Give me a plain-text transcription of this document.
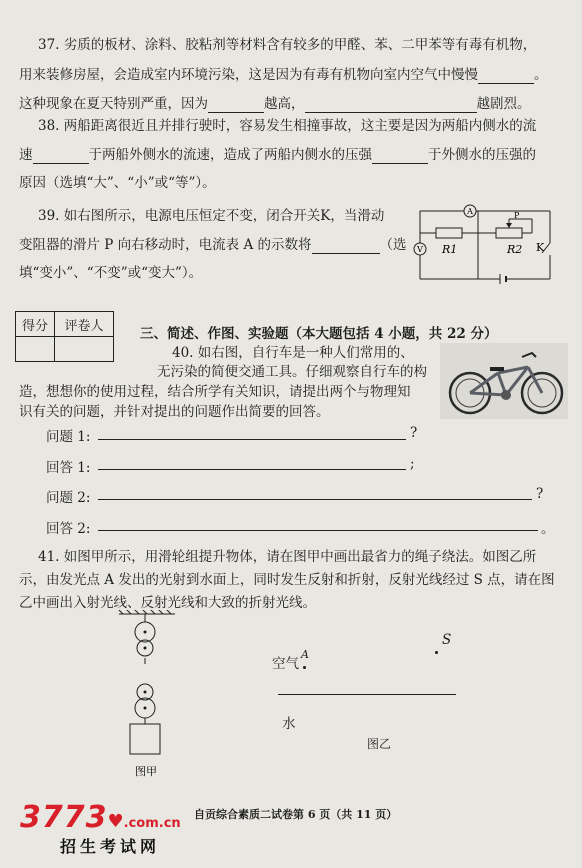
37. 劣质的板材、涂料、胶粘剂等材料含有较多的甲醛、苯、二甲苯等有毒有机物，
用来装修房屋，会造成室内环境污染，这是因为有毒有机物向室内空气中慢慢	。
这种现象在夏天特别严重，因为	越高，	越剧烈。
38. 两船距离很近且并排行驶时，容易发生相撞事故，这主要是因为两船内侧水的流
速	于两船外侧水的流速，造成了两船内侧水的压强	于外侧水的压强的
原因（选填“大”、“小”或“等”）。
39. 如右图所示，电源电压恒定不变，闭合开关K，当滑动
变阻器的滑片 P 向右移动时，电流表 A 的示数将	（选
填“变小”、“不变”或“变大”）。
A
V R1	R2 K
P
得分	评卷人
		三、简述、作图、实验题（本大题包括 4 小题，共 22 分）
40. 如右图，自行车是一种人们常用的、
无污染的简便交通工具。仔细观察自行车的构
造，想想你的使用过程，结合所学有关知识，请提出两个与物理知
识有关的问题，并针对提出的问题作出简要的回答。
问题 1:	?
回答 1:	;
问题 2:	?
回答 2:	。
41. 如图甲所示，用滑轮组提升物体，请在图甲中画出最省力的绳子绕法。如图乙所
示，由发光点 A 发出的光射到水面上，同时发生反射和折射，反射光线经过 S 点，请在图
乙中画出入射光线、反射光线和大致的折射光线。
图甲
空气
A
S
水
图乙
自贡综合素质二试卷第 6 页（共 11 页）
3773♥.com.cn
招生考试网
